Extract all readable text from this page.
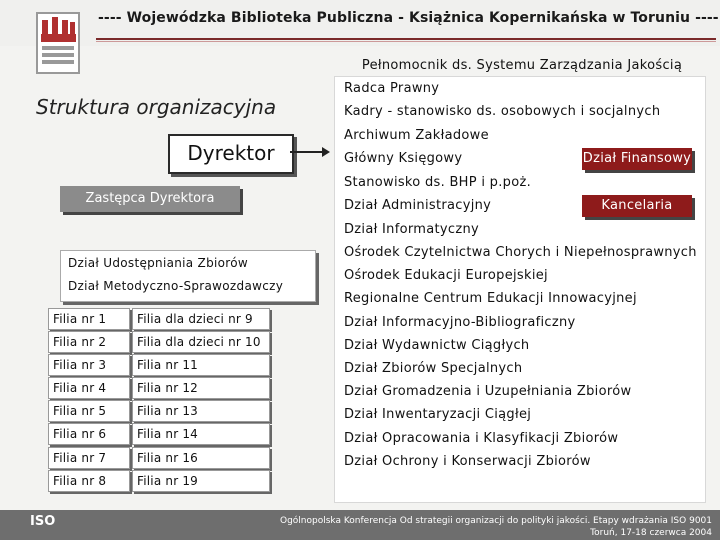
---- Wojewódzka Biblioteka Publiczna - Książnica Kopernikańska w Toruniu ----
Pełnomocnik ds. Systemu Zarządzania Jakością
Radca Prawny
Kadry - stanowisko ds. osobowych i socjalnych
Archiwum Zakładowe
Główny Księgowy
Stanowisko ds. BHP i p.poż.
Dział Administracyjny
Dział Informatyczny
Ośrodek Czytelnictwa Chorych i Niepełnosprawnych
Ośrodek Edukacji Europejskiej
Regionalne Centrum Edukacji Innowacyjnej
Dział Informacyjno-Bibliograficzny
Dział Wydawnictw Ciągłych
Dział Zbiorów Specjalnych
Dział Gromadzenia i Uzupełniania Zbiorów
Dział Inwentaryzacji Ciągłej
Dział Opracowania i Klasyfikacji Zbiorów
Dział Ochrony i Konserwacji Zbiorów
Dział Finansowy
Kancelaria
Struktura organizacyjna
Dyrektor
Zastępca Dyrektora
Dział Udostępniania Zbiorów
Dział Metodyczno-Sprawozdawczy
Filia nr 1	Filia dla dzieci nr 9
Filia nr 2	Filia dla dzieci nr 10
Filia nr 3	Filia nr 11
Filia nr 4	Filia nr 12
Filia nr 5	Filia nr 13
Filia nr 6	Filia nr 14
Filia nr 7	Filia nr 16
Filia nr 8	Filia nr 19
ISO	Ogólnopolska Konferencja Od strategii organizacji do polityki jakości. Etapy wdrażania ISO 9001
Toruń, 17-18 czerwca 2004
